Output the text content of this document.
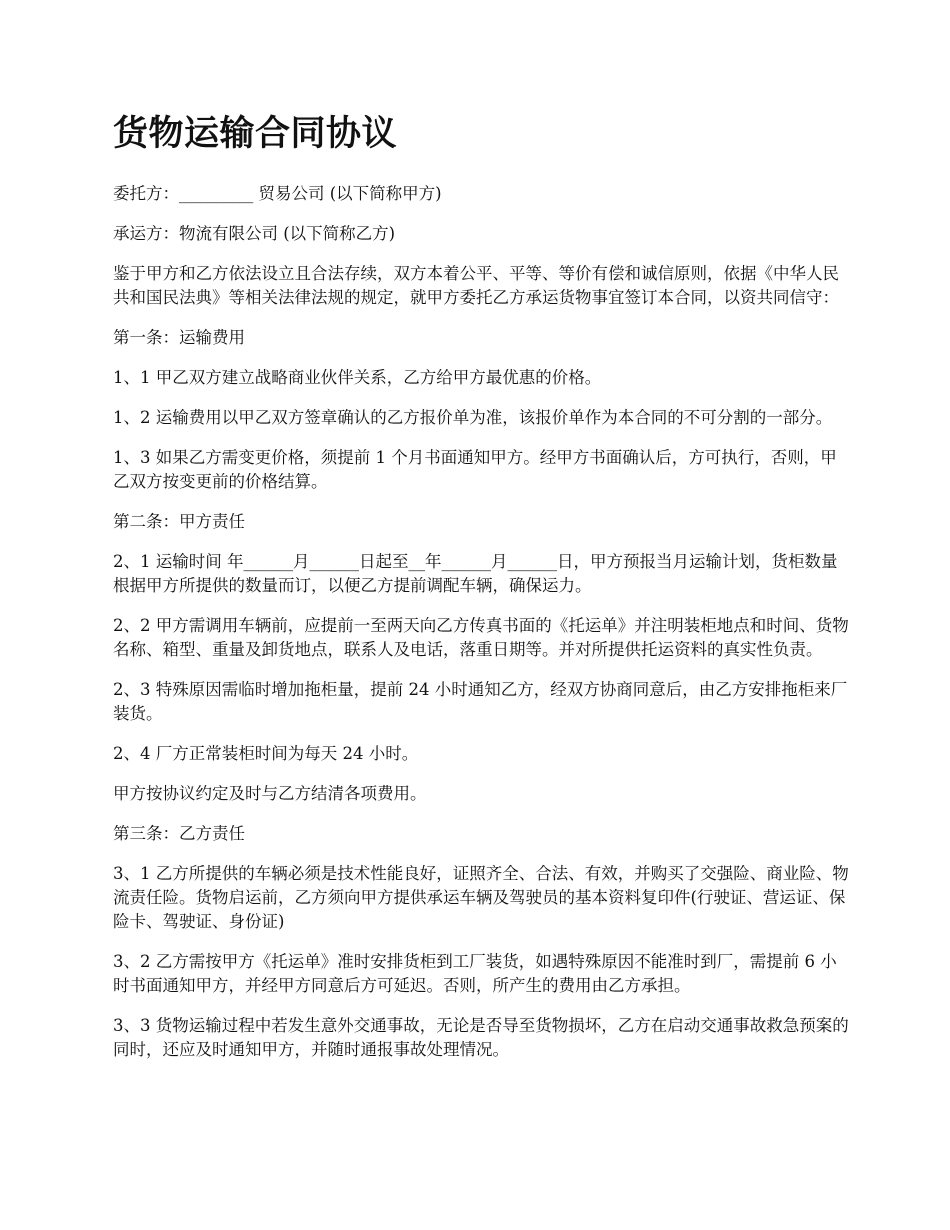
货物运输合同协议

委托方：_________ 贸易公司 (以下简称甲方)

承运方：物流有限公司 (以下简称乙方)

鉴于甲方和乙方依法设立且合法存续，双方本着公平、平等、等价有偿和诚信原则，依据《中华人民共和国民法典》等相关法律法规的规定，就甲方委托乙方承运货物事宜签订本合同，以资共同信守：

第一条：运输费用

1、1 甲乙双方建立战略商业伙伴关系，乙方给甲方最优惠的价格。

1、2 运输费用以甲乙双方签章确认的乙方报价单为准，该报价单作为本合同的不可分割的一部分。

1、3 如果乙方需变更价格，须提前 1 个月书面通知甲方。经甲方书面确认后，方可执行，否则，甲乙双方按变更前的价格结算。

第二条：甲方责任

2、1 运输时间 年______月______日起至__年______月______日，甲方预报当月运输计划，货柜数量根据甲方所提供的数量而订，以便乙方提前调配车辆，确保运力。

2、2 甲方需调用车辆前，应提前一至两天向乙方传真书面的《托运单》并注明装柜地点和时间、货物名称、箱型、重量及卸货地点，联系人及电话，落重日期等。并对所提供托运资料的真实性负责。

2、3 特殊原因需临时增加拖柜量，提前 24 小时通知乙方，经双方协商同意后，由乙方安排拖柜来厂装货。

2、4 厂方正常装柜时间为每天 24 小时。

甲方按协议约定及时与乙方结清各项费用。

第三条：乙方责任

3、1 乙方所提供的车辆必须是技术性能良好，证照齐全、合法、有效，并购买了交强险、商业险、物流责任险。货物启运前，乙方须向甲方提供承运车辆及驾驶员的基本资料复印件(行驶证、营运证、保险卡、驾驶证、身份证)

3、2 乙方需按甲方《托运单》准时安排货柜到工厂装货，如遇特殊原因不能准时到厂，需提前 6 小时书面通知甲方，并经甲方同意后方可延迟。否则，所产生的费用由乙方承担。

3、3 货物运输过程中若发生意外交通事故，无论是否导至货物损坏，乙方在启动交通事故救急预案的同时，还应及时通知甲方，并随时通报事故处理情况。
